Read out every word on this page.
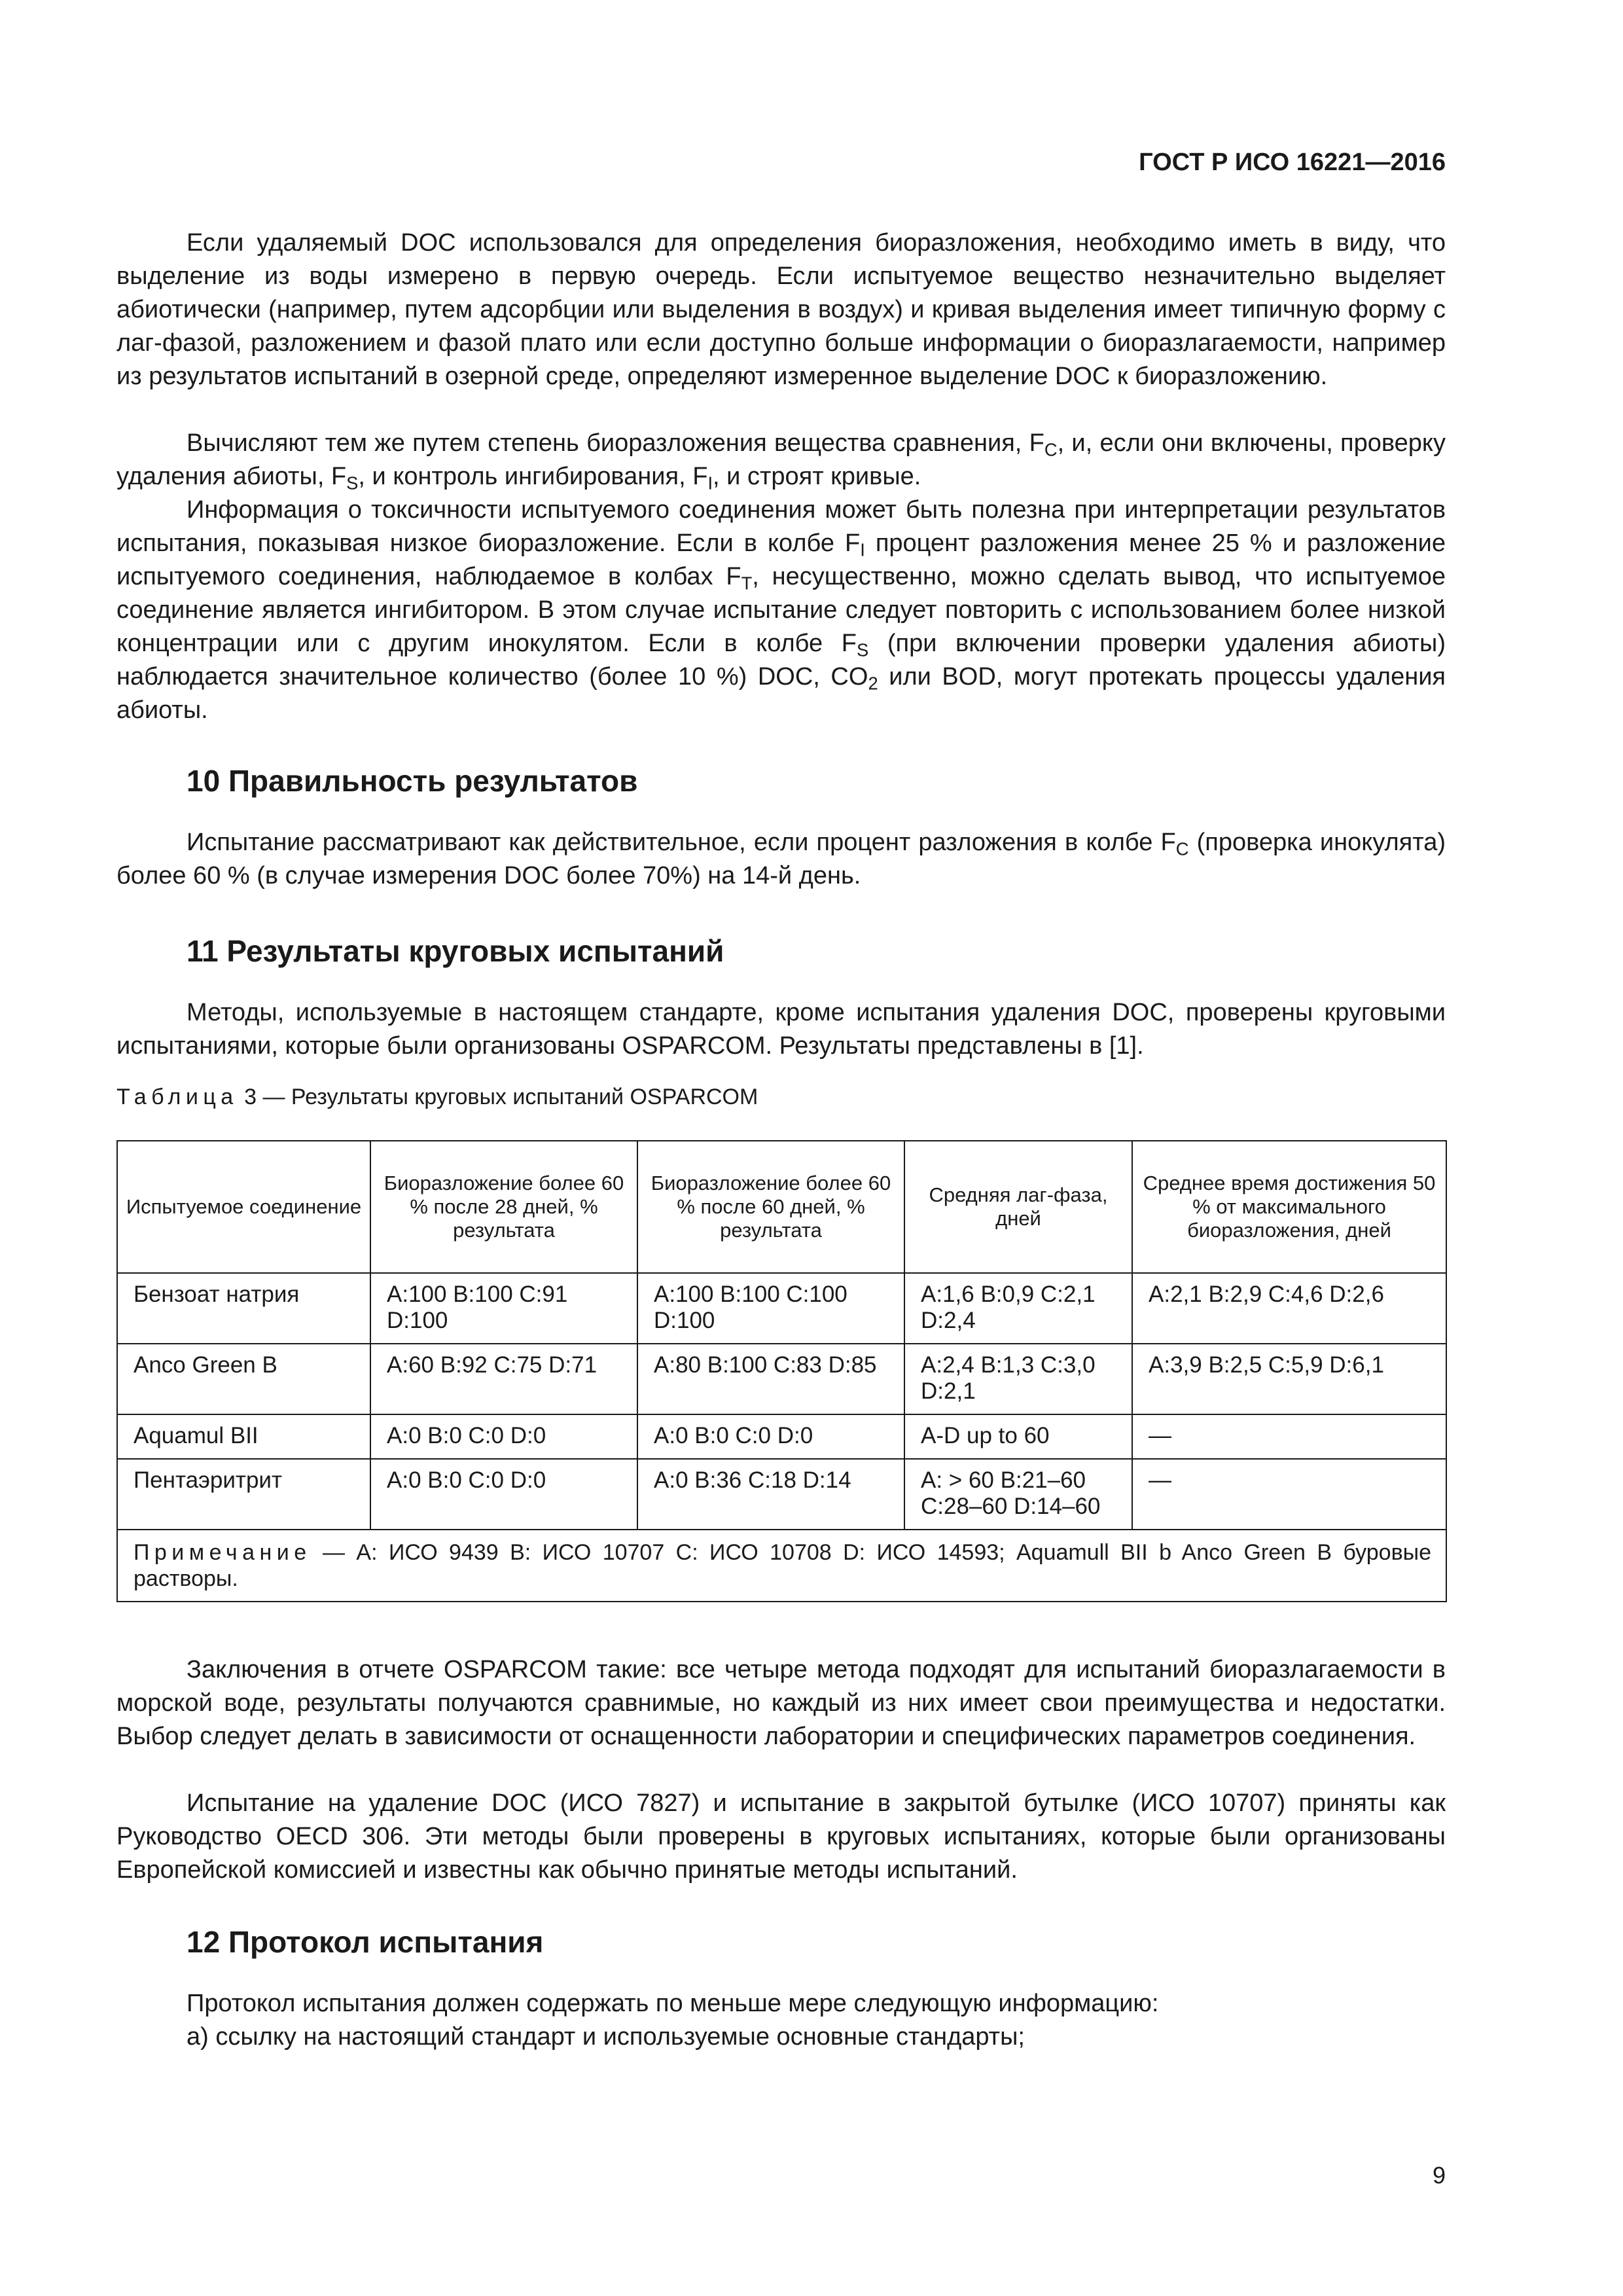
ГОСТ Р ИСО 16221—2016

Если удаляемый DOC использовался для определения биоразложения, необходимо иметь в виду, что выделение из воды измерено в первую очередь. Если испытуемое вещество незначительно выделяет абиотически (например, путем адсорбции или выделения в воздух) и кривая выделения имеет типичную форму с лаг-фазой, разложением и фазой плато или если доступно больше информации о биоразлагаемости, например из результатов испытаний в озерной среде, определяют измеренное выделение DOC к биоразложению.

Вычисляют тем же путем степень биоразложения вещества сравнения, $F_C$, и, если они включены, проверку удаления абиоты, $F_S$, и контроль ингибирования, $F_I$, и строят кривые.

Информация о токсичности испытуемого соединения может быть полезна при интерпретации результатов испытания, показывая низкое биоразложение. Если в колбе $F_I$ процент разложения менее 25 % и разложение испытуемого соединения, наблюдаемое в колбах $F_T$, несущественно, можно сделать вывод, что испытуемое соединение является ингибитором. В этом случае испытание следует повторить с использованием более низкой концентрации или с другим инокулятом. Если в колбе $F_S$ (при включении проверки удаления абиоты) наблюдается значительное количество (более 10 %) DOC, $CO_2$ или BOD, могут протекать процессы удаления абиоты.

10 Правильность результатов

Испытание рассматривают как действительное, если процент разложения в колбе $F_C$ (проверка инокулята) более 60 % (в случае измерения DOC более 70%) на 14-й день.

11 Результаты круговых испытаний

Методы, используемые в настоящем стандарте, кроме испытания удаления DOC, проверены круговыми испытаниями, которые были организованы OSPARCOM. Результаты представлены в [1].

Таблица 3 — Результаты круговых испытаний OSPARCOM
Испытуемое соединение	Биоразложение более 60 % после 28 дней, % результата	Биоразложение более 60 % после 60 дней, % результата	Средняя лаг-фаза, дней	Среднее время достижения 50 % от максимального биоразложения, дней
Бензоат натрия	A:100 B:100 C:91 D:100	A:100 B:100 C:100 D:100	A:1,6 B:0,9 C:2,1 D:2,4	A:2,1 B:2,9 C:4,6 D:2,6
Anco Green B	A:60 B:92 C:75 D:71	A:80 B:100 C:83 D:85	A:2,4 B:1,3 C:3,0 D:2,1	A:3,9 B:2,5 C:5,9 D:6,1
Aquamul BII	A:0 B:0 C:0 D:0	A:0 B:0 C:0 D:0	A-D up to 60	—
Пентаэритрит	A:0 B:0 C:0 D:0	A:0 B:36 C:18 D:14	A: > 60 B:21–60 C:28–60 D:14–60	—
Примечание — A: ИСО 9439 B: ИСО 10707 C: ИСО 10708 D: ИСО 14593; Aquamull BII b Anco Green B буровые растворы.				

Заключения в отчете OSPARCOM такие: все четыре метода подходят для испытаний биоразлагаемости в морской воде, результаты получаются сравнимые, но каждый из них имеет свои преимущества и недостатки. Выбор следует делать в зависимости от оснащенности лаборатории и специфических параметров соединения.

Испытание на удаление DOC (ИСО 7827) и испытание в закрытой бутылке (ИСО 10707) приняты как Руководство OECD 306. Эти методы были проверены в круговых испытаниях, которые были организованы Европейской комиссией и известны как обычно принятые методы испытаний.

12 Протокол испытания

Протокол испытания должен содержать по меньше мере следующую информацию:

а) ссылку на настоящий стандарт и используемые основные стандарты;

9
